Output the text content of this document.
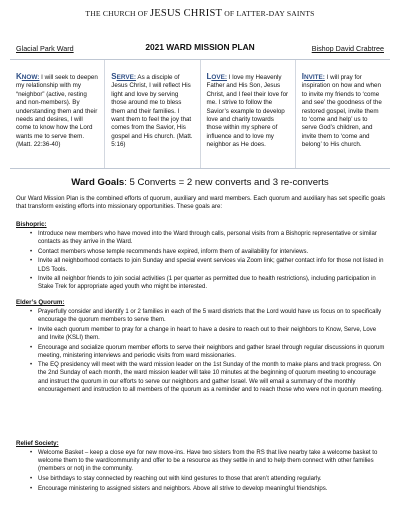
THE CHURCH OF JESUS CHRIST OF LATTER-DAY SAINTS
Glacial Park Ward	2021 WARD MISSION PLAN	Bishop David Crabtree
KNOW: I will seek to deepen my relationship with my “neighbor” (active, resting and non-members). By understanding them and their needs and desires, I will come to know how the Lord wants me to serve them. (Matt. 22:36-40)
SERVE: As a disciple of Jesus Christ, I will reflect His light and love by serving those around me to bless them and their families. I want them to feel the joy that comes from the Savior, His gospel and His church. (Matt. 5:16)
LOVE: I love my Heavenly Father and His Son, Jesus Christ, and I feel their love for me. I strive to follow the Savior’s example to develop love and charity towards those within my sphere of influence and to love my neighbor as He does.
INVITE: I will pray for inspiration on how and when to invite my friends to ‘come and see’ the goodness of the restored gospel, invite them to ‘come and help’ us to serve God’s children, and invite them to ‘come and belong’ to His church.
Ward Goals: 5 Converts = 2 new converts and 3 re-converts
Our Ward Mission Plan is the combined efforts of quorum, auxiliary and ward members. Each quorum and auxiliary has set specific goals that transform existing efforts into missionary opportunities. These goals are:
Bishopric:
• Introduce new members who have moved into the Ward through calls, personal visits from a Bishopric representative or similar contacts as they arrive in the Ward.
• Contact members whose temple recommends have expired, inform them of availability for interviews.
• Invite all neighborhood contacts to join Sunday and special event services via Zoom link; gather contact info for those not listed in LDS Tools.
• Invite all neighbor friends to join social activities (1 per quarter as permitted due to health restrictions), including participation in Stake Trek for appropriate aged youth who might be interested.
Elder’s Quorum:
• Prayerfully consider and identify 1 or 2 families in each of the 5 ward districts that the Lord would have us focus on to specifically encourage the quorum members to serve them.
• Invite each quorum member to pray for a change in heart to have a desire to reach out to their neighbors to Know, Serve, Love and Invite (KSLI) them.
• Encourage and socialize quorum member efforts to serve their neighbors and gather Israel through regular discussions in quorum meeting, ministering interviews and periodic visits from ward missionaries.
• The EQ presidency will meet with the ward mission leader on the 1st Sunday of the month to make plans and track progress. On the 2nd Sunday of each month, the ward mission leader will take 10 minutes at the beginning of quorum meeting to encourage and instruct the quorum in our efforts to serve our neighbors and gather Israel. We will email a summary of the monthly encouragement and instruction to all members of the quorum as a reminder and to reach those who were not in quorum meeting.
Relief Society:
• Welcome Basket – keep a close eye for new move-ins. Have two sisters from the RS that live nearby take a welcome basket to welcome them to the ward/community and offer to be a resource as they settle in and to help them connect with other families (members or not) in the community.
• Use birthdays to stay connected by reaching out with kind gestures to those that aren’t attending regularly.
• Encourage ministering to assigned sisters and neighbors. Above all strive to develop meaningful friendships.
